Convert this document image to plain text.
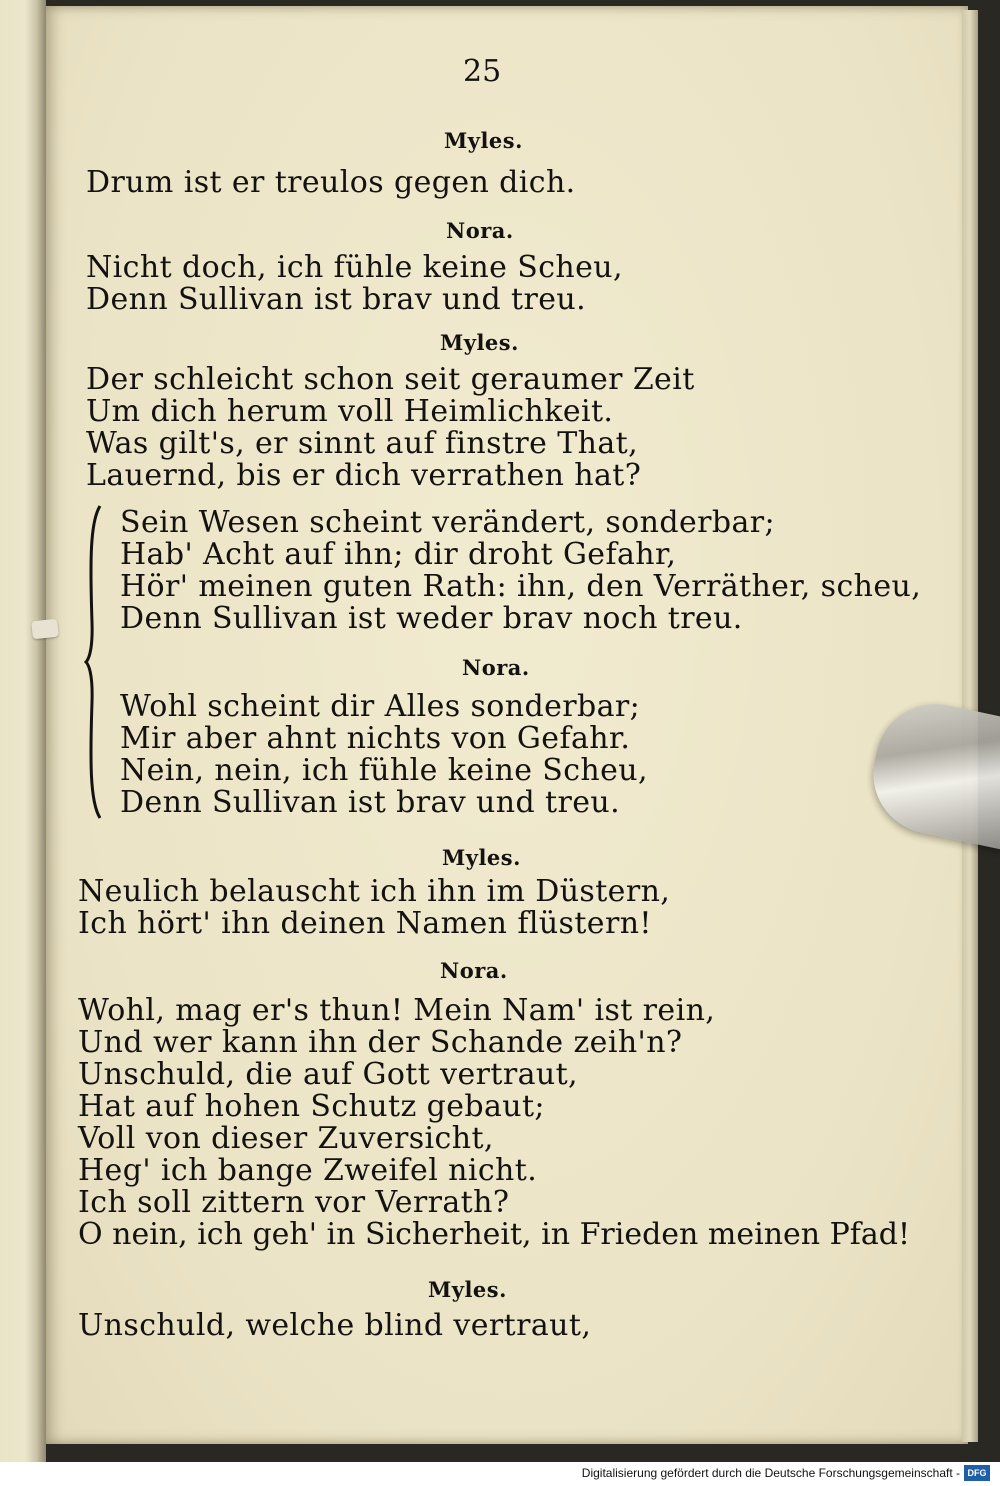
25
Myles.
Drum ist er treulos gegen dich.
Nora.
Nicht doch, ich fühle keine Scheu,
Denn Sullivan ist brav und treu.
Myles.
Der schleicht schon seit geraumer Zeit
Um dich herum voll Heimlichkeit.
Was gilt's, er sinnt auf finstre That,
Lauernd, bis er dich verrathen hat?
Sein Wesen scheint verändert, sonderbar;
Hab' Acht auf ihn; dir droht Gefahr,
Hör' meinen guten Rath: ihn, den Verräther, scheu,
Denn Sullivan ist weder brav noch treu.
Nora.
Wohl scheint dir Alles sonderbar;
Mir aber ahnt nichts von Gefahr.
Nein, nein, ich fühle keine Scheu,
Denn Sullivan ist brav und treu.
Myles.
Neulich belauscht ich ihn im Düstern,
Ich hört' ihn deinen Namen flüstern!
Nora.
Wohl, mag er's thun! Mein Nam' ist rein,
Und wer kann ihn der Schande zeih'n?
Unschuld, die auf Gott vertraut,
Hat auf hohen Schutz gebaut;
Voll von dieser Zuversicht,
Heg' ich bange Zweifel nicht.
Ich soll zittern vor Verrath?
O nein, ich geh' in Sicherheit, in Frieden meinen Pfad!
Myles.
Unschuld, welche blind vertraut,
Digitalisierung gefördert durch die Deutsche Forschungsgemeinschaft - DFG
